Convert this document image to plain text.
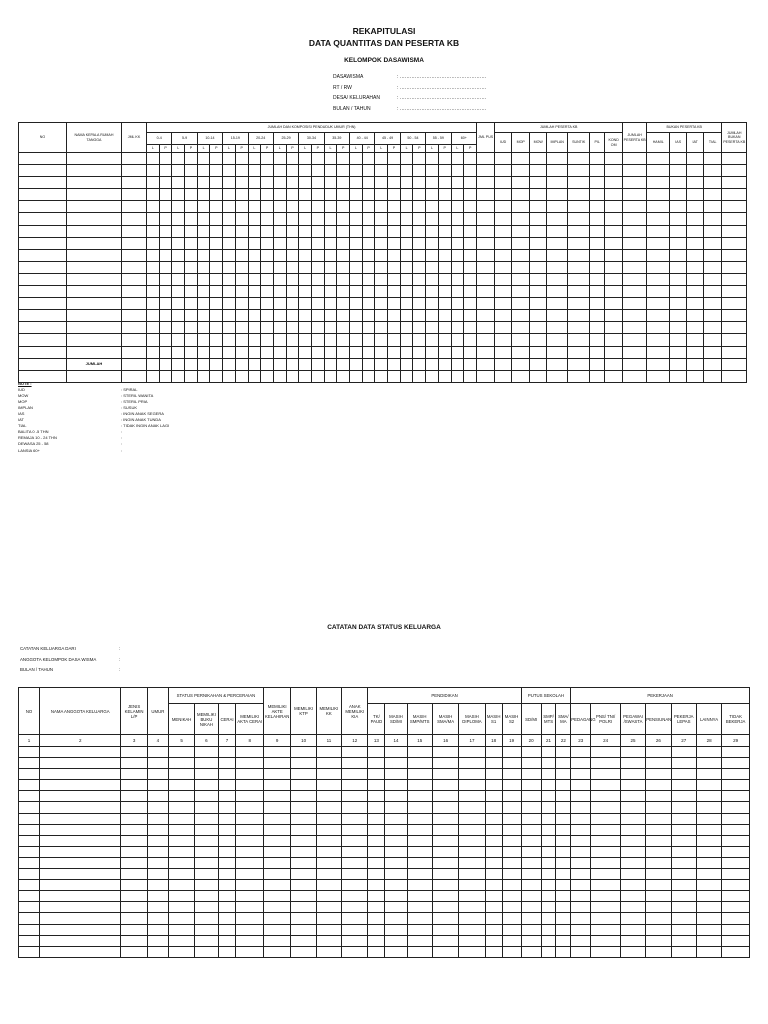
REKAPITULASI
DATA QUANTITAS DAN PESERTA KB
KELOMPOK DASAWISMA
DASAWISMA	: …………………………………………….
RT / RW	: …………………………………………….
DESA/ KELURAHAN	: …………………………………………….
BULAN / TAHUN	: …………………………………………….
NO	NAMA KEPALA RUMAH TANGGA	JML KK	JUMLAH DAN KOMPOSISI PENDUDUK UMUR (THN)																										JML PUS	JUMLAH PESERTA KB							JUMLAH PESERTA KB	BUKAN PESERTA KB				JUMLAH BUKAN PESERTA KB
			0-4		5-9		10-14		15-19		20-24		25-29		30-34		35-39		40 - 44		45 - 49		50 - 54		55 - 59		60+			IUD	MOP	MOW	IMPLAN	SUNTIK	PIL	KOND OM		HAMIL	IAS	IAT	TIAL	
			L	P	L	P	L	P	L	P	L	P	L	P	L	P	L	P	L	P	L	P	L	P	L	P	L	P														

	JUMLAH																																									

NOTE :
IUD	: SPIRAL
MOW	: STERIL WANITA
MOP	: STERIL PRIA
IMPLAN	: SUSUK
IAS	: INGIN ANAK SEGERA
IAT	: INGIN ANAK TUNDA
TIAL	: TIDAK INGIN ANAK LAGI
BALITA 0 -5 THN	:
REMAJA 10 - 24 THN	:
DEWASA 25 - 58	:
LANSIA 60+	:
CATATAN DATA STATUS KELUARGA
CATATAN KELUARGA DARI	:
ANGGOTA KELOMPOK DASA WISMA	:
BULAN / TAHUN	:
NO	NAMA ANGGOTA KELUARGA	JENIS KELAMIN L/P	UMUR	STATUS PERNIKAHAN & PERCERAIAN				MEMILIKI AKTE KELAHIRAN	MEMILIKI KTP	MEMILIKI KK	ANAK MEMILIKI KIA	PENDIDIKAN							PUTUS SEKOLAH			PEKERJAAN						
				MENIKAH	MEMILIKI BUKU NIKAH	CERAI	MEMILIKI AKTA CERAI					TK/ PAUD	MASIH SD/MI	MASIH SMP/MTS	MASIH SMA/MA	MASIH DIPLOMA	MASIH S1	MASIH S2	SD/MI	SMP/ MTS	SMA/ MA	PEDAGANG	PNS/ TNI/ POLRI	PEGAWAI /SWASTA	PENSIUNAN	PEKERJA LEPAS	LAINNYA	TIDAK BEKERJA
1	2	3	4	5	6	7	8	9	10	11	12	13	14	15	16	17	18	19	20	21	22	23	24	25	26	27	28	29
